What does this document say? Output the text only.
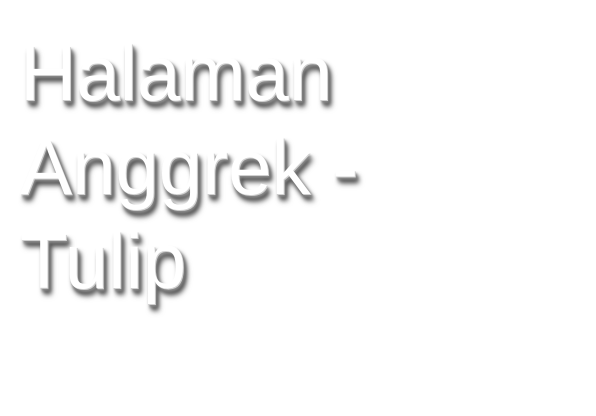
Halaman
Anggrek -
Tulip
